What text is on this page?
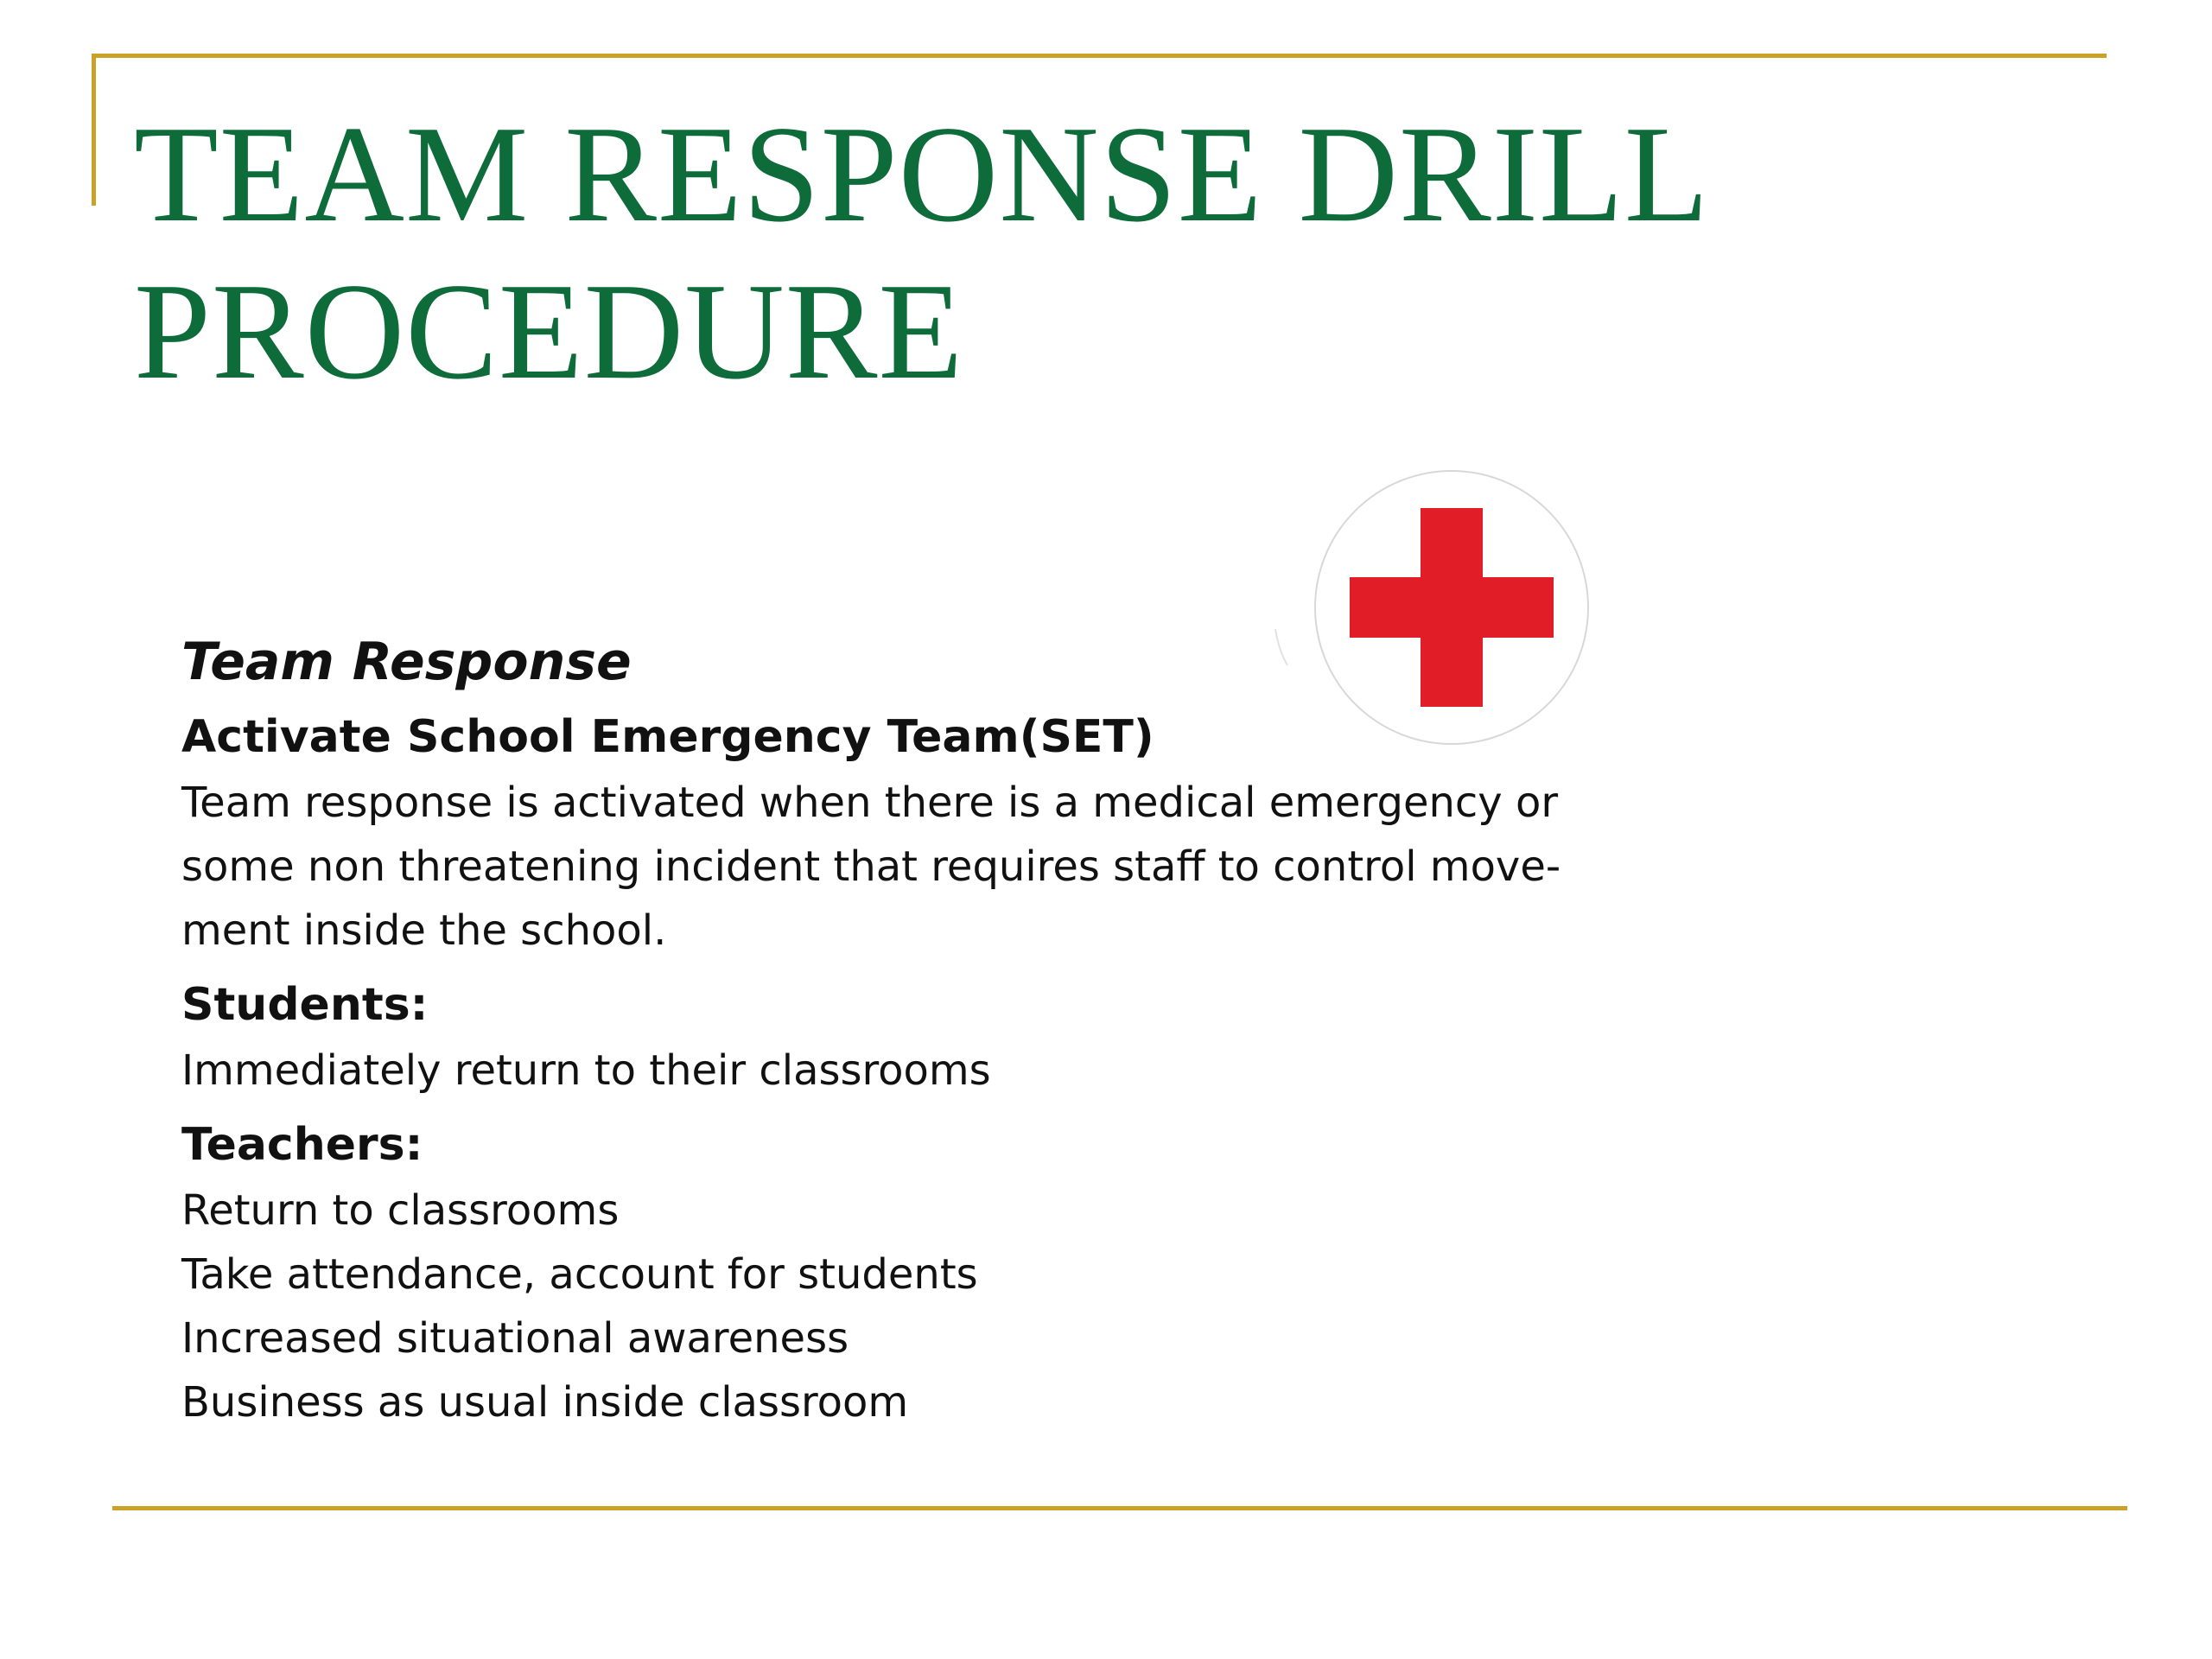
TEAM RESPONSE DRILL
PROCEDURE

Team Response

Activate School Emergency Team(SET)

Team response is activated when there is a medical emergency or

some non threatening incident that requires staff to control move-

ment inside the school.

Students:

Immediately return to their classrooms

Teachers:

Return to classrooms

Take attendance, account for students

Increased situational awareness

Business as usual inside classroom
